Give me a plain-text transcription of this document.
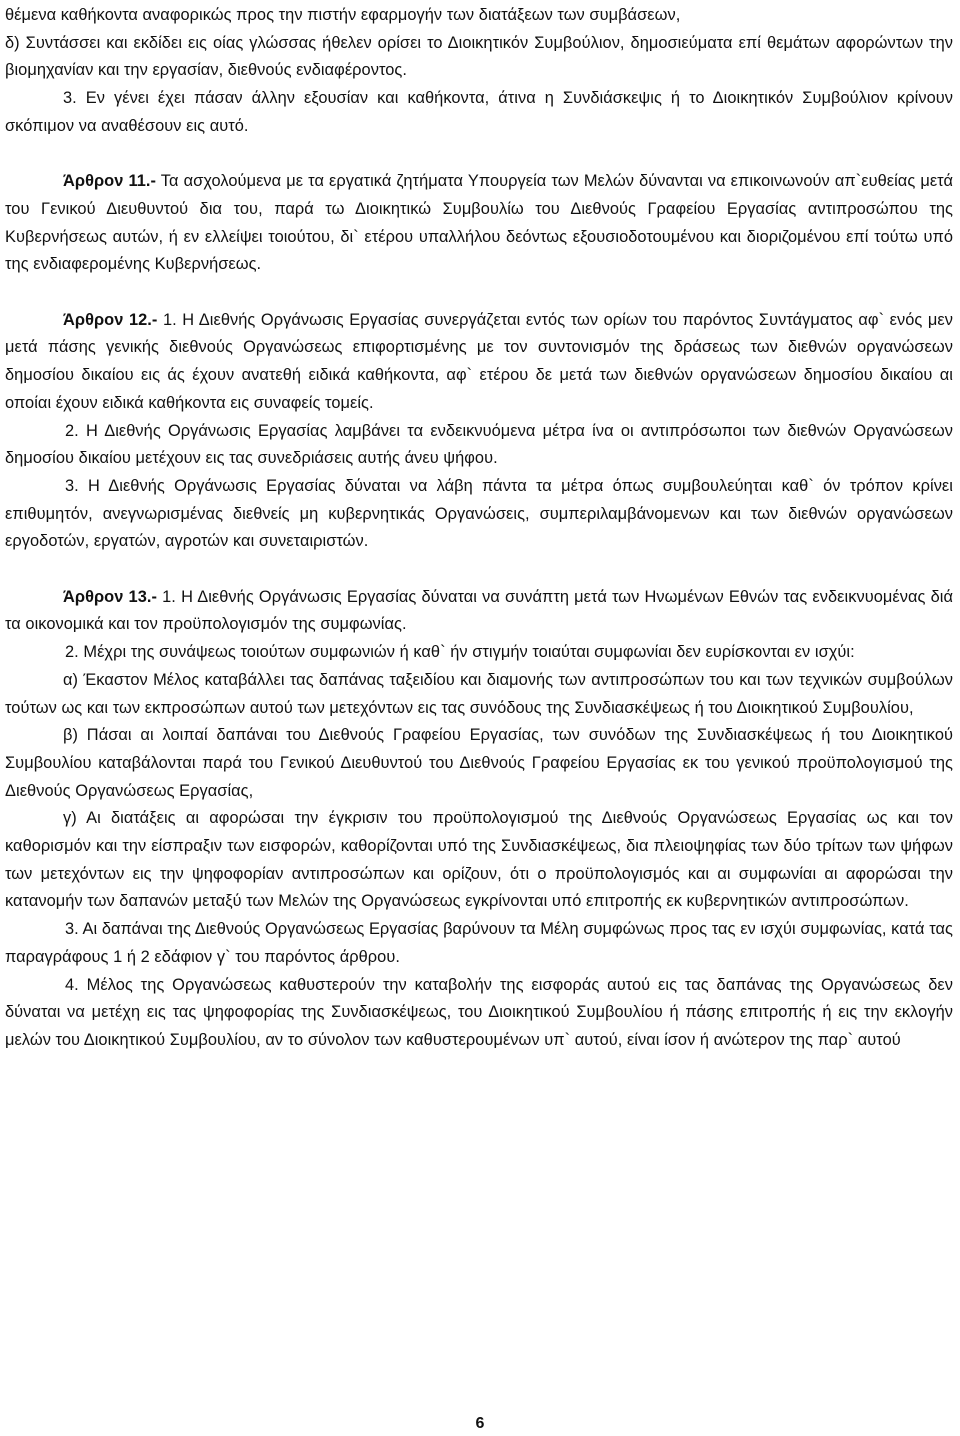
θέμενα καθήκοντα αναφορικώς προς την πιστήν εφαρμογήν των διατάξεων των συμβάσεων,

δ) Συντάσσει και εκδίδει εις οίας γλώσσας ήθελεν ορίσει το Διοικητικόν Συμβούλιον, δημοσιεύματα επί θεμάτων αφορώντων την βιομηχανίαν και την εργασίαν, διεθνούς ενδιαφέροντος.

3. Εν γένει έχει πάσαν άλλην εξουσίαν και καθήκοντα, άτινα η Συνδιάσκεψις ή το Διοικητικόν Συμβούλιον κρίνουν σκόπιμον να αναθέσουν εις αυτό.

Άρθρον 11.- Τα ασχολούμενα με τα εργατικά ζητήματα Υπουργεία των Μελών δύνανται να επικοινωνούν απ`ευθείας μετά του Γενικού Διευθυντού δια του, παρά τω Διοικητικώ Συμβουλίω του Διεθνούς Γραφείου Εργασίας αντιπροσώπου της Κυβερνήσεως αυτών, ή εν ελλείψει τοιούτου, δι` ετέρου υπαλλήλου δεόντως εξουσιοδοτουμένου και διοριζομένου επί τούτω υπό της ενδιαφερομένης Κυβερνήσεως.

Άρθρον 12.- 1. Η Διεθνής Οργάνωσις Εργασίας συνεργάζεται εντός των ορίων του παρόντος Συντάγματος αφ` ενός μεν μετά πάσης γενικής διεθνούς Οργανώσεως επιφορτισμένης με τον συντονισμόν της δράσεως των διεθνών οργανώσεων δημοσίου δικαίου εις άς έχουν ανατεθή ειδικά καθήκοντα, αφ` ετέρου δε μετά των διεθνών οργανώσεων δημοσίου δικαίου αι οποίαι έχουν ειδικά καθήκοντα εις συναφείς τομείς.

2. Η Διεθνής Οργάνωσις Εργασίας λαμβάνει τα ενδεικνυόμενα μέτρα ίνα οι αντιπρόσωποι των διεθνών Οργανώσεων δημοσίου δικαίου μετέχουν εις τας συνεδριάσεις αυτής άνευ ψήφου.

3. Η Διεθνής Οργάνωσις Εργασίας δύναται να λάβη πάντα τα μέτρα όπως συμβουλεύηται καθ` όν τρόπον κρίνει επιθυμητόν, ανεγνωρισμένας διεθνείς μη κυβερνητικάς Οργανώσεις, συμπεριλαμβάνομενων και των διεθνών οργανώσεων εργοδοτών, εργατών, αγροτών και συνεταιριστών.

Άρθρον 13.- 1. Η Διεθνής Οργάνωσις Εργασίας δύναται να συνάπτη μετά των Ηνωμένων Εθνών τας ενδεικνυομένας διά τα οικονομικά και τον προϋπολογισμόν της συμφωνίας.

2. Μέχρι της συνάψεως τοιούτων συμφωνιών ή καθ` ήν στιγμήν τοιαύται συμφωνίαι δεν ευρίσκονται εν ισχύι:

α) Έκαστον Μέλος καταβάλλει τας δαπάνας ταξειδίου και διαμονής των αντιπροσώπων του και των τεχνικών συμβούλων τούτων ως και των εκπροσώπων αυτού των μετεχόντων εις τας συνόδους της Συνδιασκέψεως ή του Διοικητικού Συμβουλίου,

β) Πάσαι αι λοιπαί δαπάναι του Διεθνούς Γραφείου Εργασίας, των συνόδων της Συνδιασκέψεως ή του Διοικητικού Συμβουλίου καταβάλονται παρά του Γενικού Διευθυντού του Διεθνούς Γραφείου Εργασίας εκ του γενικού προϋπολογισμού της Διεθνούς Οργανώσεως Εργασίας,

γ) Αι διατάξεις αι αφορώσαι την έγκρισιν του προϋπολογισμού της Διεθνούς Οργανώσεως Εργασίας ως και τον καθορισμόν και την είσπραξιν των εισφορών, καθορίζονται υπό της Συνδιασκέψεως, δια πλειοψηφίας των δύο τρίτων των ψήφων των μετεχόντων εις την ψηφοφορίαν αντιπροσώπων και ορίζουν, ότι ο προϋπολογισμός και αι συμφωνίαι αι αφορώσαι την κατανομήν των δαπανών μεταξύ των Μελών της Οργανώσεως εγκρίνονται υπό επιτροπής εκ κυβερνητικών αντιπροσώπων.

3. Αι δαπάναι της Διεθνούς Οργανώσεως Εργασίας βαρύνουν τα Μέλη συμφώνως προς τας εν ισχύι συμφωνίας, κατά τας παραγράφους 1 ή 2 εδάφιον γ` του παρόντος άρθρου.

4. Μέλος της Οργανώσεως καθυστερούν την καταβολήν της εισφοράς αυτού εις τας δαπάνας της Οργανώσεως δεν δύναται να μετέχη εις τας ψηφοφορίας της Συνδιασκέψεως, του Διοικητικού Συμβουλίου ή πάσης επιτροπής ή εις την εκλογήν μελών του Διοικητικού Συμβουλίου, αν το σύνολον των καθυστερουμένων υπ` αυτού, είναι ίσον ή ανώτερον της παρ` αυτού

6
